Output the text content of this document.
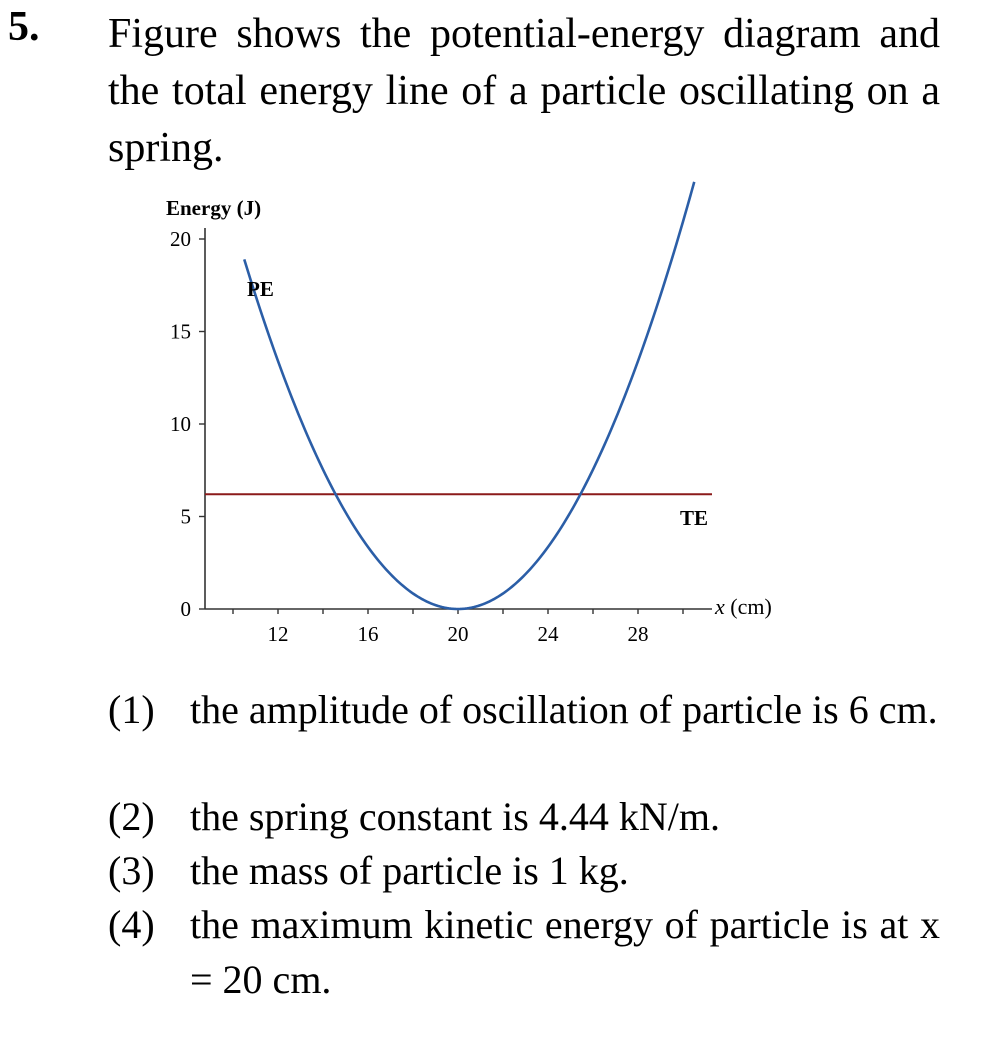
5. Figure shows the potential-energy diagram and the total energy line of a particle oscillating on a spring.

Energy (J)
x (cm)
0
5
10
15
20
12	16	20	24	28
PE
TE
(1) the amplitude of oscillation of particle is 6 cm.
(2) the spring constant is 4.44 kN/m.
(3) the mass of particle is 1 kg.
(4) the maximum kinetic energy of particle is at x = 20 cm.
